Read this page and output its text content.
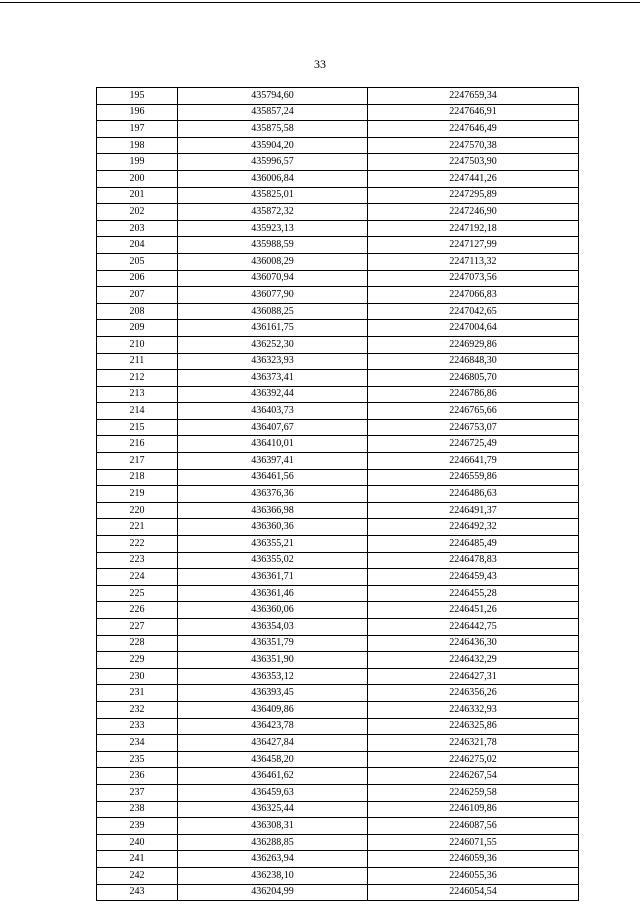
33
195	435794,60	2247659,34
196	435857,24	2247646,91
197	435875,58	2247646,49
198	435904,20	2247570,38
199	435996,57	2247503,90
200	436006,84	2247441,26
201	435825,01	2247295,89
202	435872,32	2247246,90
203	435923,13	2247192,18
204	435988,59	2247127,99
205	436008,29	2247113,32
206	436070,94	2247073,56
207	436077,90	2247066,83
208	436088,25	2247042,65
209	436161,75	2247004,64
210	436252,30	2246929,86
211	436323,93	2246848,30
212	436373,41	2246805,70
213	436392,44	2246786,86
214	436403,73	2246765,66
215	436407,67	2246753,07
216	436410,01	2246725,49
217	436397,41	2246641,79
218	436461,56	2246559,86
219	436376,36	2246486,63
220	436366,98	2246491,37
221	436360,36	2246492,32
222	436355,21	2246485,49
223	436355,02	2246478,83
224	436361,71	2246459,43
225	436361,46	2246455,28
226	436360,06	2246451,26
227	436354,03	2246442,75
228	436351,79	2246436,30
229	436351,90	2246432,29
230	436353,12	2246427,31
231	436393,45	2246356,26
232	436409,86	2246332,93
233	436423,78	2246325,86
234	436427,84	2246321,78
235	436458,20	2246275,02
236	436461,62	2246267,54
237	436459,63	2246259,58
238	436325,44	2246109,86
239	436308,31	2246087,56
240	436288,85	2246071,55
241	436263,94	2246059,36
242	436238,10	2246055,36
243	436204,99	2246054,54
